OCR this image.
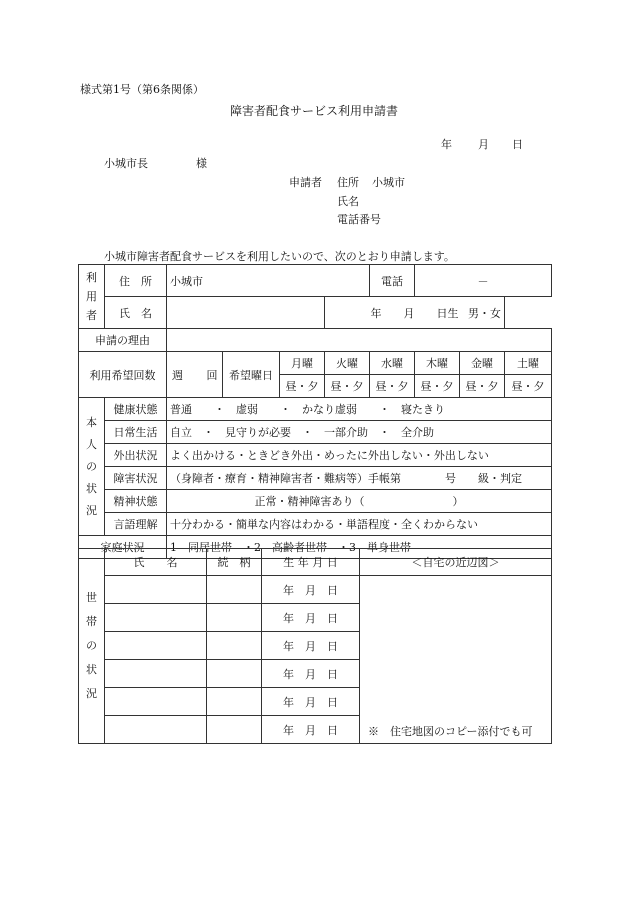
様式第1号（第6条関係）
障害者配食サービス利用申請書
年 月 日
小城市長	様
申請者 住所 小城市
氏名
電話番号
小城市障害者配食サービスを利用したいので、次のとおり申請します。
利用者	住　所	小城市				電話	－		
	氏　名				年　　月　　日生 男・女				
申請の理由									
利用希望回数		週 回	希望曜日	月曜	火曜	水曜	木曜	金曜	土曜
				昼・夕	昼・夕	昼・夕	昼・夕	昼・夕	昼・夕
本人の状況	健康状態	普通　　・　虚弱　　・　かなり虚弱　　・　寝たきり							
	日常生活	自立　・　見守りが必要　・　一部介助　・　全介助							
	外出状況	よく出かける・ときどき外出・めったに外出しない・外出しない							
	障害状況	（身障者・療育・精神障害者・難病等）手帳第　　　　号　　級・判定							
	精神状態	正常・精神障害あり（　　　　　　　　）							
	言語理解	十分わかる・簡単な内容はわかる・単語程度・全くわからない							
家庭状況		1　同居世帯　・2　高齢者世帯　・3　単身世帯							
世帯の状況	氏　　名	続　柄	生 年 月 日	＜自宅の近辺図＞
			年　月　日	※　住宅地図のコピー添付でも可
			年　月　日	
			年　月　日	
			年　月　日	
			年　月　日	
			年　月　日	
